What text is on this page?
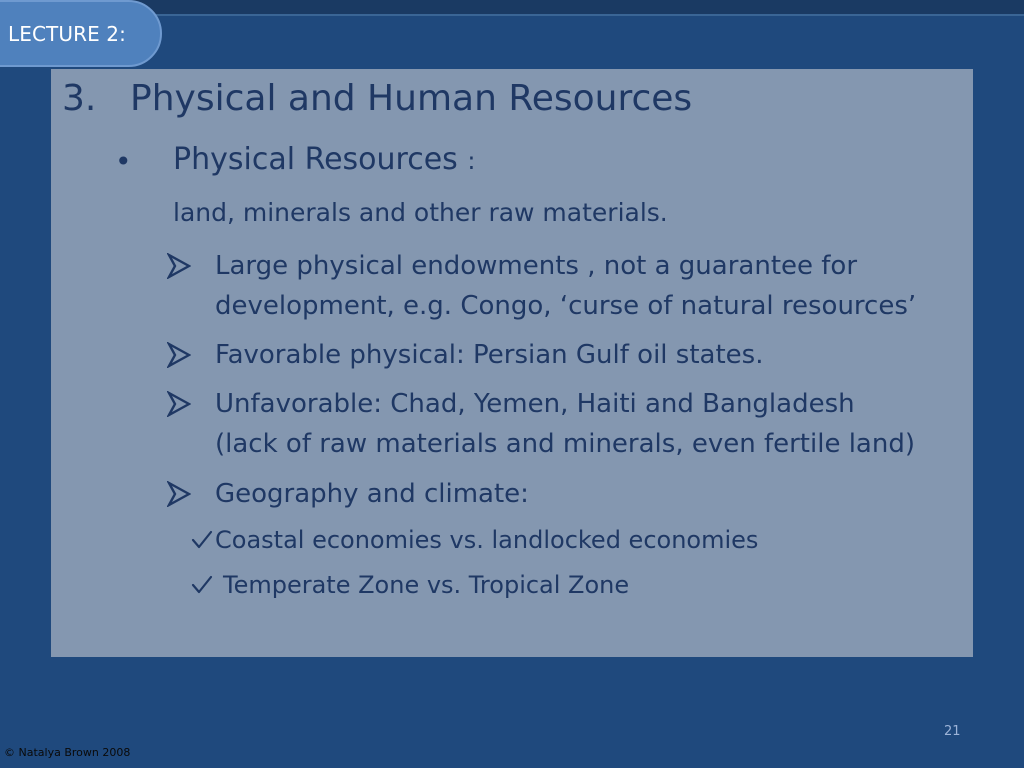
LECTURE 2:
3. Physical and Human Resources
• Physical Resources :
land, minerals and other raw materials.
Large physical endowments , not a guarantee for
development, e.g. Congo, ‘curse of natural resources’
Favorable physical: Persian Gulf oil states.
Unfavorable: Chad, Yemen, Haiti and Bangladesh
(lack of raw materials and minerals, even fertile land)
Geography and climate:
Coastal economies vs. landlocked economies
Temperate Zone vs. Tropical Zone
21
© Natalya Brown 2008
